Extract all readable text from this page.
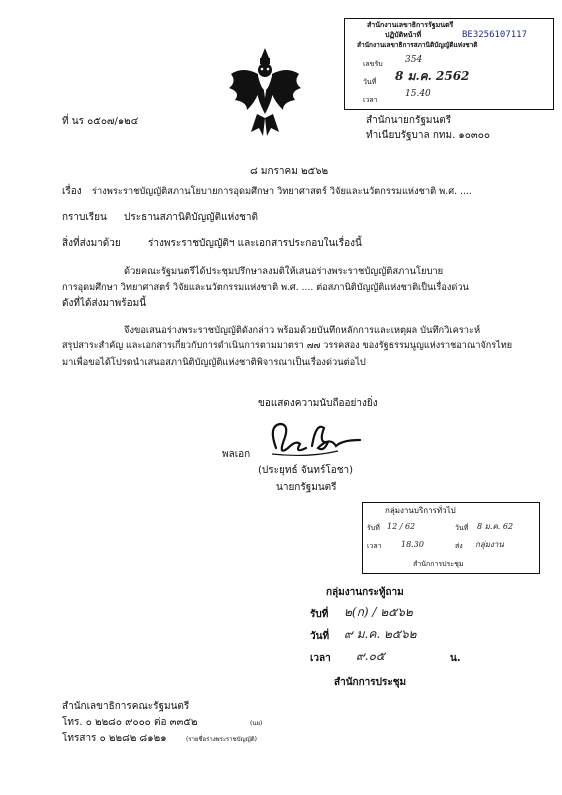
สำนักงานเลขาธิการรัฐมนตรี
ปฏิบัติหน้าที่
สำนักงานเลขาธิการสภานิติบัญญัติแห่งชาติ
เลขรับ 354
วันที่ 8 ม.ค. 2562
เวลา
15.40
BE3256107117
ที่ นร ๐๕๐๗/๑๒๔	สำนักนายกรัฐมนตรี
ทำเนียบรัฐบาล กทม. ๑๐๓๐๐
๘ มกราคม ๒๕๖๒
เรื่อง ร่างพระราชบัญญัติสภานโยบายการอุดมศึกษา วิทยาศาสตร์ วิจัยและนวัตกรรมแห่งชาติ พ.ศ. ....
กราบเรียน ประธานสภานิติบัญญัติแห่งชาติ
สิ่งที่ส่งมาด้วย	ร่างพระราชบัญญัติฯ และเอกสารประกอบในเรื่องนี้
ด้วยคณะรัฐมนตรีได้ประชุมปรึกษาลงมติให้เสนอร่างพระราชบัญญัติสภานโยบาย
การอุดมศึกษา วิทยาศาสตร์ วิจัยและนวัตกรรมแห่งชาติ พ.ศ. .... ต่อสภานิติบัญญัติแห่งชาติเป็นเรื่องด่วน
ดังที่ได้ส่งมาพร้อมนี้
จึงขอเสนอร่างพระราชบัญญัติดังกล่าว พร้อมด้วยบันทึกหลักการและเหตุผล บันทึกวิเคราะห์
สรุปสาระสำคัญ และเอกสารเกี่ยวกับการดำเนินการตามมาตรา ๗๗ วรรคสอง ของรัฐธรรมนูญแห่งราชอาณาจักรไทย
มาเพื่อขอได้โปรดนำเสนอสภานิติบัญญัติแห่งชาติพิจารณาเป็นเรื่องด่วนต่อไป
ขอแสดงความนับถืออย่างยิ่ง
พลเอก
(ประยุทธ์ จันทร์โอชา)
นายกรัฐมนตรี
กลุ่มงานบริการทั่วไป
รับที่ 12 / 62	วันที่ 8 ม.ค. 62
เวลา 18.30	ส่ง กลุ่มงาน
สำนักการประชุม
กลุ่มงานกระทู้ถาม
รับที่ ๒(ก) / ๒๕๖๒
วันที่ ๙ ม.ค. ๒๕๖๒
เวลา ๙.๐๕	น.
สำนักการประชุม
สำนักเลขาธิการคณะรัฐมนตรี
โทร. ๐ ๒๒๘๐ ๙๐๐๐ ต่อ ๓๓๕๒	(นย)
โทรสาร ๐ ๒๒๘๒ ๘๑๒๑	(รายชื่อร่างพระราชบัญญัติ)
